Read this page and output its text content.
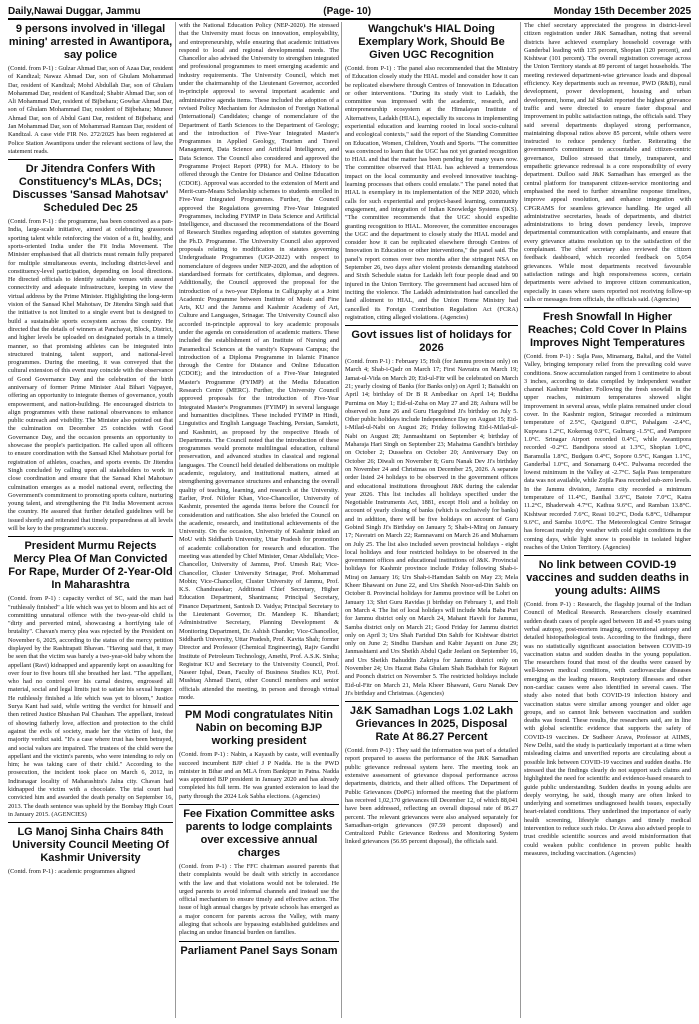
Daily,Nawai Duggar, Jammu	(Page- 10)	Monday 15th December 2025
9 persons involved in 'illegal mining' arrested in Awantipora, say police
(Contd. from P-1) : Gulzar Ahmad Dar, son of Azaa Dar, resident of Kandizal; Nawaz Ahmad Dar, son of Ghulam Mohammad Dar, resident of Kandizal; Mohd Abdullah Dar, son of Ghulam Mohammad Dar, resident of Kandizal; Shabir Ahmad Dar, son of Ali Mohammad Dar, resident of Bijbehara; Gowhar Ahmad Dar, son of Ghulam Mohammad Dar, resident of Bijbehara; Muneer Ahmad Dar, son of Abdul Gani Dar, resident of Bijbehara; and Jan Mohammad Dar, son of Mohammad Ramzan Dar, resident of Kandizal. A case vide FIR No. 272/2025 has been registered at Police Station Awantipora under the relevant sections of law, the statement reads.
Dr Jitendra Confers With Constituency's MLAs, DCs; Discusses 'Sansad Mahotsav' Scheduled Dec 25
(Contd. from P-1) : the programme, has been conceived as a pan-India, large-scale initiative, aimed at celebrating grassroots sporting talent while reinforcing the vision of a fit, healthy, and sports-oriented India under the Fit India Movement. The Minister emphasised that all districts must remain fully prepared for multiple simultaneous events, including district-level and constituency-level participation, depending on local directions. He directed officials to identify suitable venues with assured connectivity and adequate infrastructure, keeping in view the virtual address by the Prime Minister. Highlighting the long-term vision of the Sansad Khel Mahotsav, Dr Jitendra Singh said that the initiative is not limited to a single event but is designed to build a sustainable sports ecosystem across the country. He directed that the details of winners at Panchayat, Block, District, and higher levels be uploaded on designated portals in a timely manner, so that promising athletes can be integrated into structured training, talent support, and national-level programmes. During the meeting, it was conveyed that the cultural extension of this event may coincide with the observance of Good Governance Day and the celebration of the birth anniversary of former Prime Minister Atal Bihari Vajpayee, offering an opportunity to integrate themes of governance, youth empowerment, and nation-building. He encouraged districts to align programmes with these national observances to enhance public outreach and visibility. The Minister also pointed out that the culmination on December 25 coincides with Good Governance Day, and the occasion presents an opportunity to showcase the people's participation. He called upon all officers to ensure coordination with the Sansad Khel Mahotsav portal for registration of athletes, coaches, and sports events. Dr Jitendra Singh concluded by calling upon all stakeholders to work in close coordination and ensure that the Sansad Khel Mahotsav culmination emerges as a model national event, reflecting the Government's commitment to promoting sports culture, nurturing young talent, and strengthening the Fit India Movement across the country. He assured that further detailed guidelines will be issued shortly and reiterated that timely preparedness at all levels will be key to the programme's success.
President Murmu Rejects Mercy Plea Of Man Convicted For Rape, Murder Of 2-Year-Old In Maharashtra
(Contd. from P-1) : capacity verdict of SC, said the man had "ruthlessly finished" a life which was yet to bloom and his act of committing unnatural offence with the two-year-old child is "dirty and perverted mind, showcasing a horrifying tale of brutality". Chavan's mercy plea was rejected by the President on November 6, 2025, according to the status of the mercy petition displayed by the Rashtrapati Bhavan. "Having said that, it may be seen that the victim was barely a two-year-old baby whom the appellant (Ravi) kidnapped and apparently kept on assaulting for over four to five hours till she breathed her last. "The appellant, who had no control over his carnal desires, engrossed all material, social and legal limits just to satiate his sexual hunger. He ruthlessly finished a life which was yet to bloom," Justice Surya Kant had said, while writing the verdict for himself and then retired Justice Bhushan Pal Chauhan. The appellant, instead of showing fatherly love, affection and protection to the child against the evils of society, made her the victim of lust, the majority verdict said. "It's a case where trust has been betrayed, and social values are impaired. The trustees of the child were the appellant and the victim's parents, who were intending to rely on him; he was taking care of their child." According to the prosecution, the incident took place on March 6, 2012, in Indiranagar locality of Maharashtra's Jalna city. Chavan had kidnapped the victim with a chocolate. The trial court had convicted him and awarded the death penalty on September 16, 2013. The death sentence was upheld by the Bombay High Court in January 2015. (AGENCIES)
LG Manoj Sinha Chairs 84th University Council Meeting Of Kashmir University
(Contd. from P-1) : academic programmes aligned
with the National Education Policy (NEP-2020). He stressed that the University must focus on innovation, employability, and entrepreneurship, while ensuring that academic initiatives respond to local and regional developmental needs. The Chancellor also advised the University to strengthen integrated and professional programmes to meet emerging academic and industry requirements. The University Council, which met under the chairmanship of the Lieutenant Governor, accorded in-principle approval to several important academic and administrative agenda items. These included the adoption of a revised Policy Mechanism for Admission of Foreign National (International) Candidates; change of nomenclature of the Department of Earth Sciences to the Department of Geology; and the introduction of Five-Year Integrated Master's Programmes in Applied Geology, Tourism and Travel Management, Data Science and Artificial Intelligence, and Data Science. The Council also considered and approved the Programme Project Report (PPR) for M.A. History to be offered through the Centre for Distance and Online Education (CDOE). Approval was accorded to the extension of Merit and Merit-cum-Means Scholarship schemes to students enrolled in Five-Year Integrated Programmes. Further, the Council approved the Regulations governing Five-Year Integrated Programmes, including FYIMP in Data Science and Artificial Intelligence, and discussed the recommendations of the Board of Research Studies regarding adoption of statutes governing the Ph.D. Programme. The University Council also approved proposals relating to modification in statutes governing Undergraduate Programmes (UGP-2022) with respect to nomenclature of degrees under NEP-2020, and the adoption of standardised formats for certificates, diplomas, and degrees. Additionally, the Council approved the proposal for the introduction of a two-year Diploma in Calligraphy at a Joint Academic Programme between Institute of Music and Fine Arts, KU and the Jammu and Kashmir Academy of Art, Culture and Languages, Srinagar. The University Council also accorded in-principle approval to key academic proposals under the agenda on consideration of academic matters. These included the establishment of an Institute of Nursing and Paramedical Sciences at the varsity's Kupwara Campus; the introduction of a Diploma Programme in Islamic Finance through the Centre for Distance and Online Education (CDOE); and the introduction of a Five-Year Integrated Master's Programme (FYIMP) at the Media Education Research Centre (MERC). Further, the University Council approved proposals for the introduction of Five-Year Integrated Master's Programmes (FYIMP) in several language and humanities disciplines. These included FYIMP in Hindi, Linguistics and English Language Teaching, Persian, Sanskrit, and Kashmiri, as proposed by the respective Heads of Departments. The Council noted that the introduction of these programmes would promote multilingual education, cultural preservation, and advanced studies in classical and regional languages. The Council held detailed deliberations on multiple academic, regulatory, and institutional matters, aimed at strengthening governance structures and enhancing the overall quality of teaching, learning, and research at the University. Earlier, Prof. Nilofer Khan, Vice-Chancellor, University of Kashmir, presented the agenda items before the Council for consideration and ratification. She also briefed the Council on the academic, research, and institutional achievements of the University. On the occasion, University of Kashmir inked an MoU with Siddharth University, Uttar Pradesh for promotion of academic collaboration for research and education. The meeting was attended by Chief Minister, Omar Abdullah; Vice-Chancellor, University of Jammu, Prof. Umesh Rai; Vice-Chancellor, Cluster University Srinagar, Prof. Mohammad Mobin; Vice-Chancellor, Cluster University of Jammu, Prof. K.S. Chandrasekar; Additional Chief Secretary, Higher Education Department, Shantmanu; Principal Secretary, Finance Department, Santosh D. Vaidya; Principal Secretary to the Lieutenant Governor, Dr. Mandeep K. Bhandari; Administrative Secretary, Planning Development & Monitoring Department, Dr. Ashish Chander; Vice-Chancellor, Siddharth University, Uttar Pradesh, Prof. Kavita Shah; former Director and Professor (Chemical Engineering), Rajiv Gandhi Institute of Petroleum Technology, Amethi, Prof. A.S.K. Sinha; Registrar KU and Secretary to the University Council, Prof. Naseer Iqbal, Dean, Faculty of Business Studies KU, Prof. Mushtaq Ahmad Darzi, other Council members and senior officials attended the meeting, in person and through virtual mode.
PM Modi congratulates Nitin Nabin on becoming BJP working president
(Contd. from P-1) : Nabin, a Kayasth by caste, will eventually succeed incumbent BJP chief J P Nadda. He is the PWD minister in Bihar and an MLA from Bankipur in Patna. Nadda was appointed BJP president in January 2020 and has already completed his full term. He was granted extension to lead the party through the 2024 Lok Sabha elections. (Agencies)
Fee Fixation Committee asks parents to lodge complaints over excessive annual charges
(Contd. from P-1) : The FFC chairman assured parents that their complaints would be dealt with strictly in accordance with the law and that violations would not be tolerated. He urged parents to avoid informal channels and instead use the official mechanism to ensure timely and effective action. The issue of high annual charges by private schools has emerged as a major concern for parents across the Valley, with many alleging that schools are bypassing established guidelines and placing an undue financial burden on families.
Parliament Panel Says Sonam
Wangchuk's HIAL Doing Exemplary Work, Should Be Given UGC Recognition
(Contd. from P-1) : The panel also recommended that the Ministry of Education closely study the HIAL model and consider how it can be replicated elsewhere through Centres of Innovation in Education or other interventions. "During its study visit to Ladakh, the committee was impressed with the academic, research, and entrepreneurship ecosystem at the Himalayan Institute of Alternatives, Ladakh (HIAL), especially its success in implementing experiential education and learning rooted in local socio-cultural and ecological contexts," said the report of the Standing Committee on Education, Women, Children, Youth and Sports. "The committee was convinced to learn that the UGC has not yet granted recognition to HIAL and that the matter has been pending for many years now. The committee observed that HIAL has achieved a tremendous impact on the local community and evolved innovative teaching-learning processes that others could emulate." The panel noted that HIAL is exemplary in its implementation of the NEP 2020, which calls for such experiential and project-based learning, community engagement, and integration of Indian Knowledge Systems (IKS). "The committee recommends that the UGC should expedite granting recognition to HIAL. Moreover, the committee encourages the UGC and the department to closely study the HIAL model and consider how it can be replicated elsewhere through Centres of Innovation in Education or other interventions," the panel said. The panel's report comes over two months after the stringent NSA on September 26, two days after violent protests demanding statehood and Sixth Schedule status for Ladakh left four people dead and 90 injured in the Union Territory. The government had accused him of inciting the violence. The Ladakh administration had cancelled the land allotment to HIAL, and the Union Home Ministry had cancelled its Foreign Contribution Regulation Act (FCRA) registration, citing alleged violations. (Agencies)
Govt issues list of holidays for 2026
(Contd. from P-1) : February 15; Holi (for Jammu province only) on March 4; Shab-i-Qadr on March 17; First Navratra on March 19; Jamat-ul-Vida on March 20; Eid-ul-Fitr will be celebrated on March 21; yearly closing of Banks (for Banks only) on April 1; Baisakhi on April 14; birthday of Dr B R Ambedkar on April 14; Buddha Purnima on May 1; Eid-ul-Zuha on May 27 and 28; Ashura will be observed on June 26 and Guru Hargobind Ji's birthday on July 5. Other public holidays include Independence Day on August 15; Eid-i-Milad-ul-Nabi on August 26; Friday following Eid-i-Milad-ul-Nabi on August 28; Janmashtami on September 4; birthday of Maharaja Hari Singh on September 23; Mahatma Gandhi's birthday on October 2; Dussehra on October 20; Anniversary Day on October 26; Diwali on November 8; Guru Nanak Dev Ji's birthday on November 24 and Christmas on December 25, 2026. A separate order listed 24 holidays to be observed in the government offices and educational institutions throughout J&K during the calendar year 2026. This list includes all holidays specified under the Negotiable Instruments Act, 1881, except Holi and a holiday on account of yearly closing of banks (which is exclusively for banks) and in addition, there will be five holidays on account of Guru Gobind Singh Ji's Birthday on January 5; Shab-i-Miraj on January 17; Navratri on March 22; Ramnavami on March 26 and Muharram on July 25. The list also included seven provincial holidays - eight local holidays and four restricted holidays to be observed in the government offices and educational institutions of J&K. Provincial holidays for Kashmir province include Friday following Shab-i-Miraj on January 16; Urs Shah-i-Hamdan Sahib on May 23; Mela Kheer Bhawani on June 22, and Urs Sheikh Noor-ud-Din Sahib on October 8. Provincial holidays for Jammu province will be Lohri on January 13; Shri Guru Ravidas ji birthday on February 1, and Holi on March 4. The list of local holidays will include Mela Baba Puri for Jammu district only on March 24, Mahant Haveli for Jammu, Samba district only on March 21; Good Friday for Jammu district only on April 3; Urs Shah Faridud Din Sahib for Kishtwar district only on June 2; Sindhu Darshan and Kabir Jayanti on June 29; Janmashtami and Urs Sheikh Abdul Qadir Jeelani on September 16, and Urs Sheikh Bahuddin Zakriya for Jammu district only on November 24; Urs Hazrat Baba Ghulam Shah Badshah for Rajouri and Poonch district on November 5. The restricted holidays include Eid-ul-Fitr on March 21, Mela Kheer Bhawani, Guru Nanak Dev Ji's birthday and Christmas. (Agencies)
J&K Samadhan Logs 1.02 Lakh Grievances In 2025, Disposal Rate At 86.27 Percent
(Contd. from P-1) : They said the information was part of a detailed report prepared to assess the performance of the J&K Samadhan public grievance redressal system here. The meeting took an extensive assessment of grievance disposal performance across departments, districts, and their allied offices. The Department of Public Grievances (DoPG) informed the meeting that the platform has received 1,02,170 grievances till December 12, of which 88,041 have been addressed, reflecting an overall disposal rate of 86.27 percent. The relevant grievances were also analysed separately for Samadhan-origin grievances (97.59 percent disposed) and Centralized Public Grievance Redress and Monitoring System linked grievances (56.95 percent disposal), the officials said.
The chief secretary appreciated the progress in district-level citizen registration under J&K Samadhan, noting that several districts have achieved exemplary household coverage with Ganderbal leading with 135 percent, Shopian (120 percent), and Kishtwar (101 percent). The overall registration coverage across the Union Territory stands at 89 percent of target households. The meeting reviewed department-wise grievance loads and disposal efficiency. Key departments such as revenue, PWD (R&B), rural development, power development, housing and urban development, home, and Jal Shakti reported the highest grievance traffic and were directed to ensure faster disposal and improvement in public satisfaction ratings, the officials said. They said several departments displayed strong performance, maintaining disposal ratios above 85 percent, while others were instructed to reduce pendency further. Reiterating the government's commitment to accountable and citizen-centric governance, Dulloo stressed that timely, transparent, and empathetic grievance redressal is a core responsibility of every department. Dulloo said J&K Samadhan has emerged as the central platform for transparent citizen-service monitoring and emphasised the need to further streamline response timelines, improve appeal resolution, and enhance integration with CPGRAMS for seamless grievance handling. He urged all administrative secretaries, heads of departments, and district administrations to bring down pendency levels, improve departmental communication with complainants, and ensure that every grievance attains resolution up to the satisfaction of the complainant. The chief secretary also reviewed the citizen feedback dashboard, which recorded feedback on 5,054 grievances. While most departments received favourable satisfaction ratings and high responsiveness scores, certain departments were advised to improve citizen communication, especially in cases where users reported not receiving follow-up calls or messages from officials, the officials said. (Agencies)
Fresh Snowfall In Higher Reaches; Cold Cover In Plains Improves Night Temperatures
(Contd. from P-1) : Sajla Pass, Minamarg, Baltal, and the Vaitel Valley, bringing temporary relief from the prevailing cold wave conditions. Snow accumulation ranged from 1 centimetre to about 3 inches, according to data compiled by independent weather channel Kashmir Weather. Following the fresh snowfall in the upper reaches, minimum temperatures showed slight improvement in several areas, while plains remained under cloud cover. In the Kashmir region, Srinagar recorded a minimum temperature of 2.5°C, Qazigund 0.8°C, Pahalgam -2.4°C, Kupwara 1.2°C, Kokernag 0.9°C, Gulmarg -1.5°C, and Pampore 1.0°C. Srinagar Airport recorded 0.4°C, while Awantipora recorded -0.2°C. Bandipora stood at 1.3°C, Shopian 1.0°C, Baramulla 1.8°C, Budgam 0.4°C, Sopore 0.5°C, Kangan 1.1°C, Ganderbal 1.0°C, and Sonamarg 0.4°C. Pulwama recorded the lowest minimum in the Valley at -2.7°C. Sajla Pass temperature data was not available, while Zojila Pass recorded sub-zero levels. In the Jammu division, Jammu city recorded a minimum temperature of 11.4°C, Banihal 3.6°C, Batote 7.0°C, Katra 11.2°C, Bhaderwah 4.7°C, Kathua 9.6°C, and Ramban 13.8°C. Kishtwar recorded 7.6°C, Reasi 10.2°C, Doda 6.8°C, Udhampur 9.6°C, and Samba 10.0°C. The Meteorological Centre Srinagar has forecast mainly dry weather with cold night conditions in the coming days, while light snow is possible in isolated higher reaches of the Union Territory. (Agencies)
No link between COVID-19 vaccines and sudden deaths in young adults: AIIMS
(Contd. from P-1) : Research, the flagship journal of the Indian Council of Medical Research. Researchers closely examined sudden death cases of people aged between 18 and 45 years using verbal autopsy, post-mortem imaging, conventional autopsy and detailed histopathological tests. According to the findings, there was no statistically significant association between COVID-19 vaccination status and sudden deaths in the young population. The researchers found that most of the deaths were caused by well-known medical conditions, with cardiovascular diseases emerging as the leading reason. Respiratory illnesses and other non-cardiac causes were also identified in several cases. The study also noted that both COVID-19 infection history and vaccination status were similar among younger and older age groups, and so cannot link between vaccination and sudden deaths was found. These results, the researchers said, are in line with global scientific evidence that supports the safety of COVID-19 vaccines. Dr Sudheer Arava, Professor at AIIMS, New Delhi, said the study is particularly important at a time when misleading claims and unverified reports are circulating about a possible link between COVID-19 vaccines and sudden deaths. He stressed that the findings clearly do not support such claims and highlighted the need for scientific and evidence-based research to guide public understanding. Sudden deaths in young adults are deeply worrying, he said, though many are often linked to underlying and sometimes undiagnosed health issues, especially heart-related conditions. They underlined the importance of early health screening, lifestyle changes and timely medical intervention to reduce such risks. Dr Arava also advised people to trust credible scientific sources and avoid misinformation that could weaken public confidence in proven public health measures, including vaccination. (Agencies)
